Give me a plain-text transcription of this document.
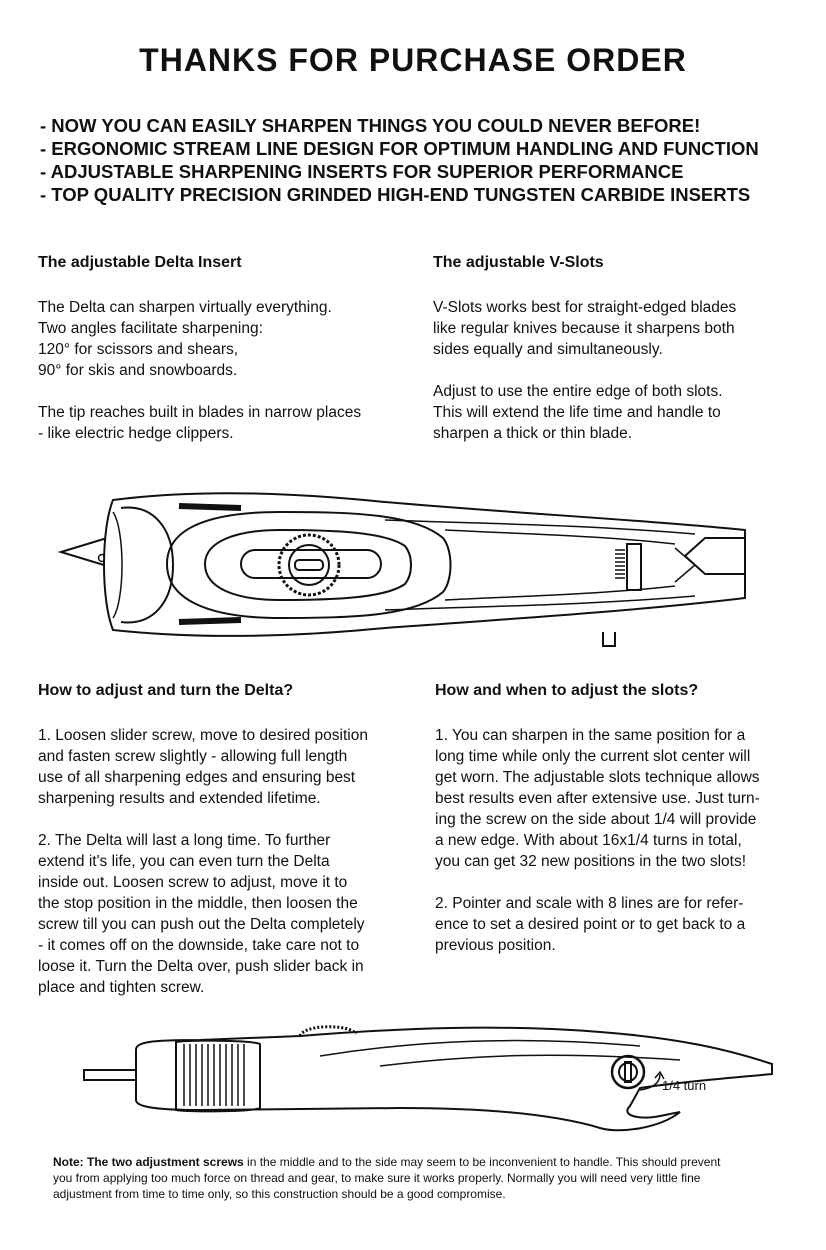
THANKS FOR PURCHASE ORDER
- NOW YOU CAN EASILY SHARPEN THINGS YOU COULD NEVER BEFORE!
- ERGONOMIC STREAM LINE DESIGN FOR OPTIMUM HANDLING AND FUNCTION
- ADJUSTABLE SHARPENING INSERTS FOR SUPERIOR PERFORMANCE
- TOP QUALITY PRECISION GRINDED HIGH-END TUNGSTEN CARBIDE INSERTS
The adjustable Delta Insert

The Delta can sharpen virtually everything.
Two angles facilitate sharpening:
120° for scissors and shears,
90° for skis and snowboards.

The tip reaches built in blades in narrow places
- like electric hedge clippers.

The adjustable V-Slots

V-Slots works best for straight-edged blades
like regular knives because it sharpens both
sides equally and simultaneously.

Adjust to use the entire edge of both slots.
This will extend the life time and handle to
sharpen a thick or thin blade.

How to adjust and turn the Delta?

1. Loosen slider screw, move to desired position
and fasten screw slightly - allowing full length
use of all sharpening edges and ensuring best
sharpening results and extended lifetime.

2. The Delta will last a long time. To further
extend it's life, you can even turn the Delta
inside out. Loosen screw to adjust, move it to
the stop position in the middle, then loosen the
screw till you can push out the Delta completely
- it comes off on the downside, take care not to
loose it. Turn the Delta over, push slider back in
place and tighten screw.

How and when to adjust the slots?

1. You can sharpen in the same position for a
long time while only the current slot center will
get worn. The adjustable slots technique allows
best results even after extensive use. Just turn-
ing the screw on the side about 1/4 will provide
a new edge. With about 16x1/4 turns in total,
you can get 32 new positions in the two slots!

2. Pointer and scale with 8 lines are for refer-
ence to set a desired point or to get back to a
previous position.

1/4 turn

Note: The two adjustment screws in the middle and to the side may seem to be inconvenient to handle. This should prevent
you from applying too much force on thread and gear, to make sure it works properly. Normally you will need very little fine
adjustment from time to time only, so this construction should be a good compromise.
